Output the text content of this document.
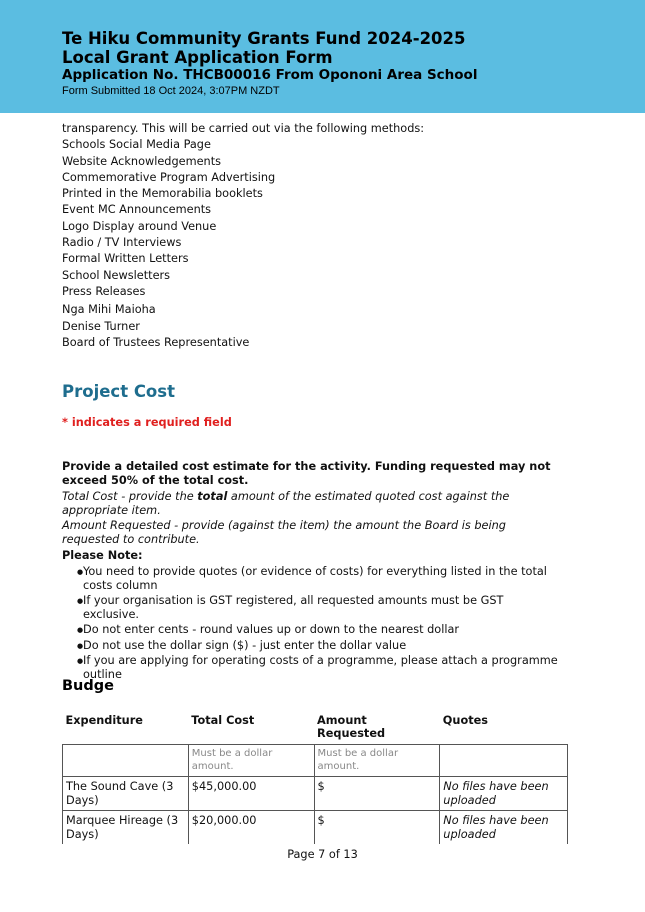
Te Hiku Community Grants Fund 2024-2025
Local Grant Application Form
Application No. THCB00016 From Opononi Area School
Form Submitted 18 Oct 2024, 3:07PM NZDT
transparency. This will be carried out via the following methods:
Schools Social Media Page
Website Acknowledgements
Commemorative Program Advertising
Printed in the Memorabilia booklets
Event MC Announcements
Logo Display around Venue
Radio / TV Interviews
Formal Written Letters
School Newsletters
Press Releases
Nga Mihi Maioha
Denise Turner
Board of Trustees Representative
Project Cost
* indicates a required field
Provide a detailed cost estimate for the activity. Funding requested may not exceed 50% of the total cost.
Total Cost - provide the total amount of the estimated quoted cost against the appropriate item.
Amount Requested - provide (against the item) the amount the Board is being requested to contribute.
Please Note:
● You need to provide quotes (or evidence of costs) for everything listed in the total costs column
● If your organisation is GST registered, all requested amounts must be GST exclusive.
● Do not enter cents - round values up or down to the nearest dollar
● Do not use the dollar sign ($) - just enter the dollar value
● If you are applying for operating costs of a programme, please attach a programme outline
Budge
Expenditure	Total Cost	Amount Requested	Quotes
	Must be a dollar amount.	Must be a dollar amount.	
The Sound Cave (3 Days)	$45,000.00	$	No files have been uploaded
Marquee Hireage (3 Days)	$20,000.00	$	No files have been uploaded
Page 7 of 13
